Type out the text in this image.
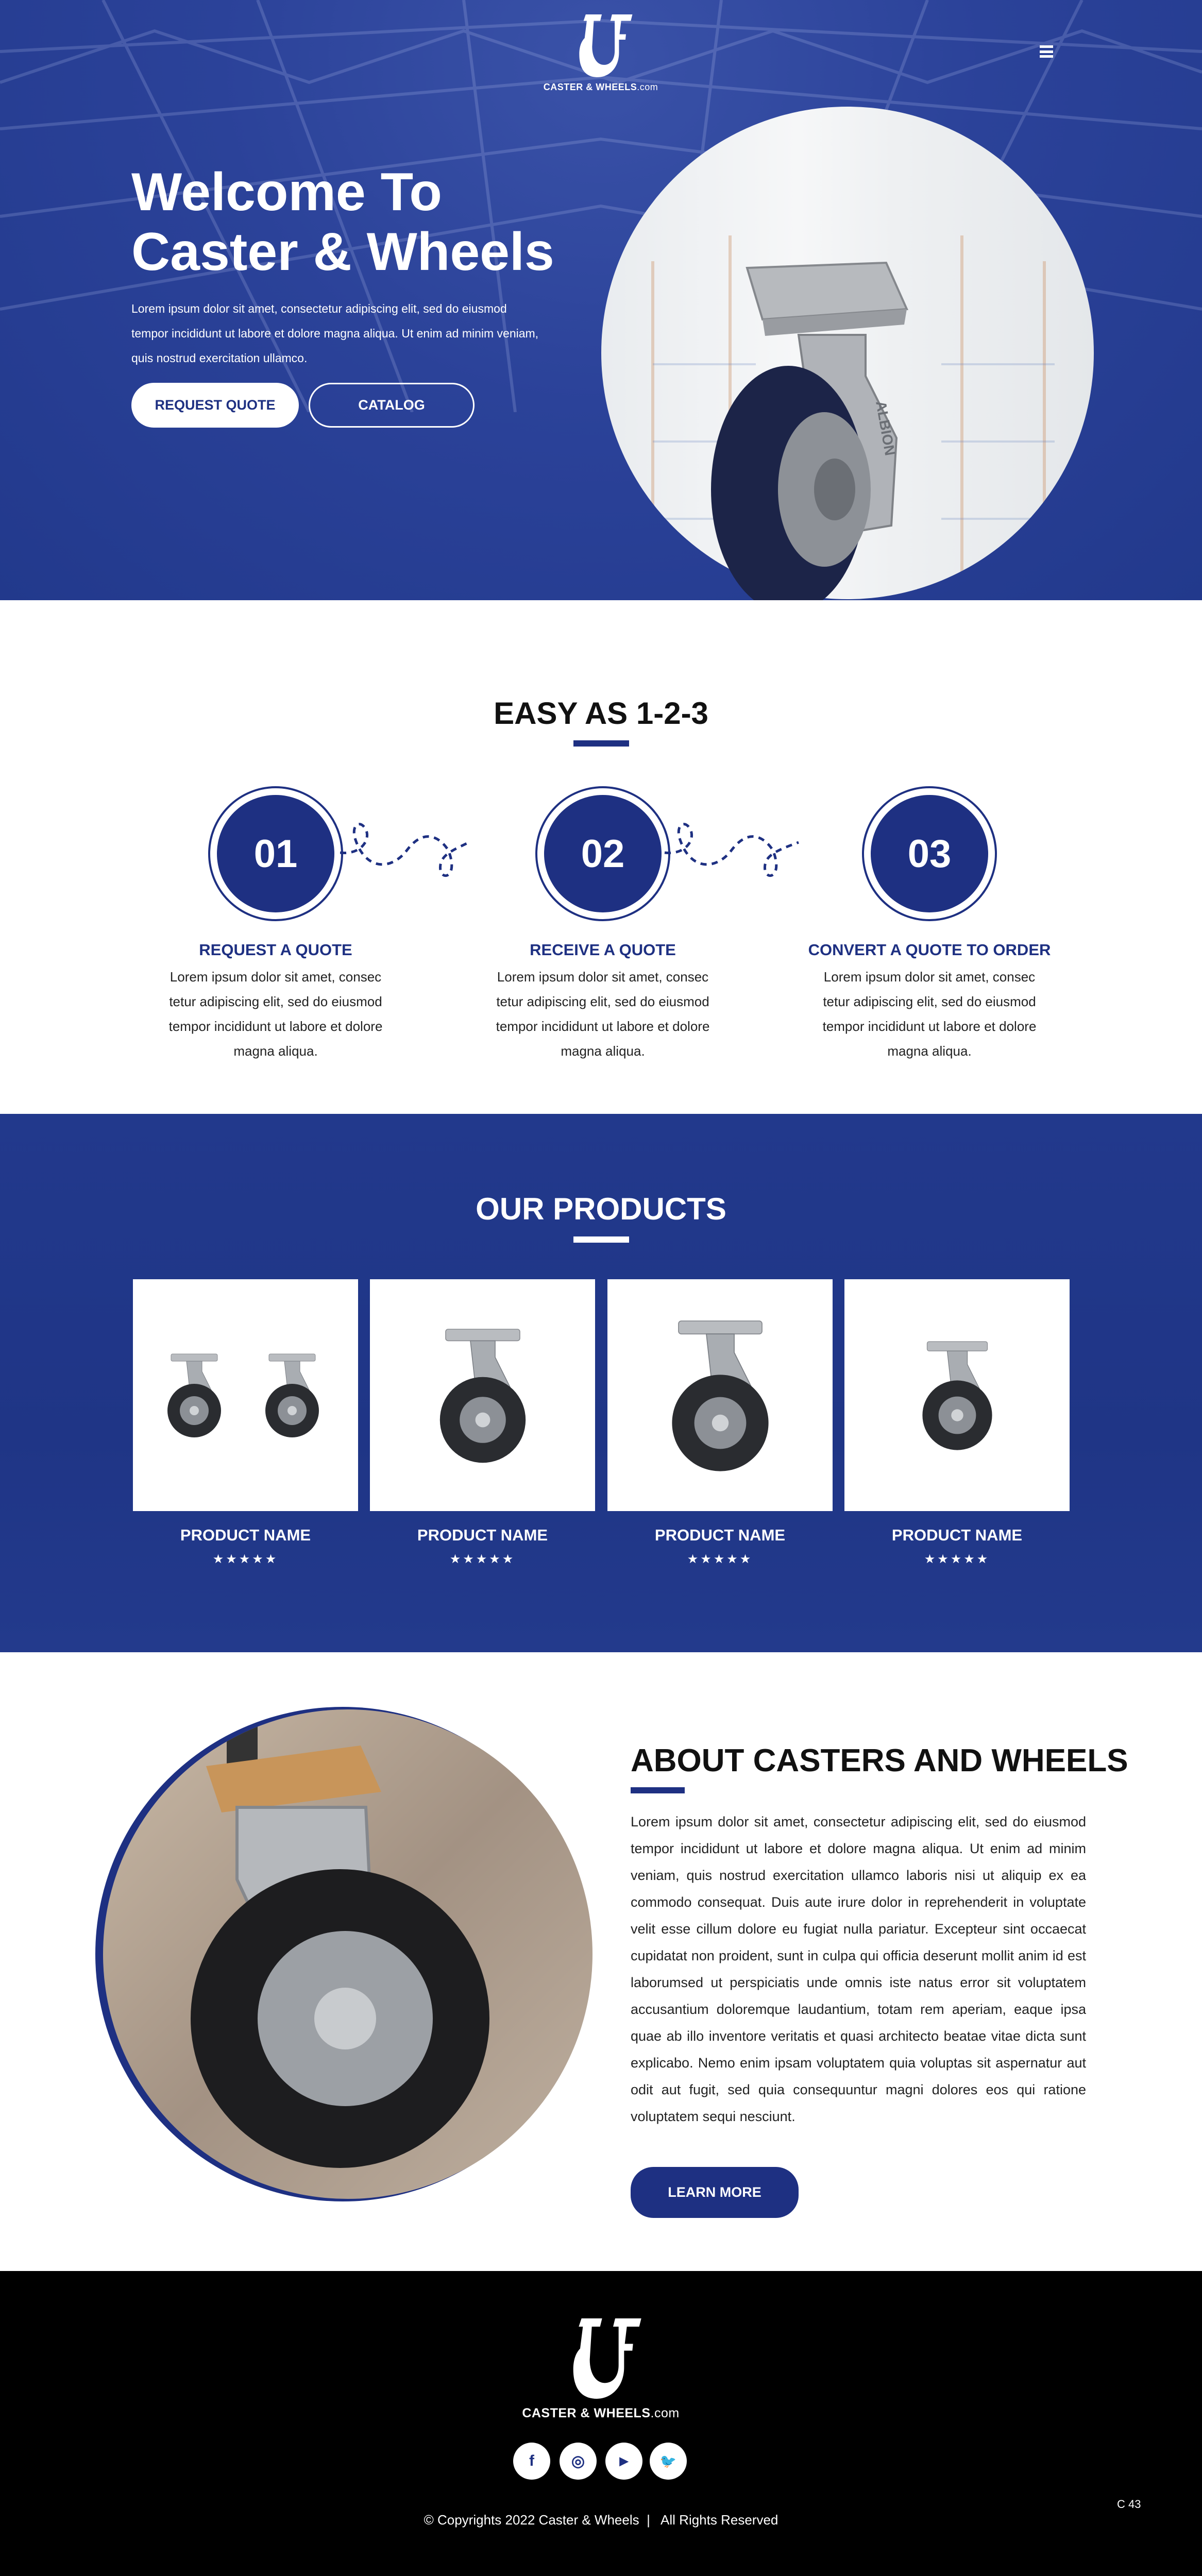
CASTER & WHEELS.com
Welcome To
Caster & Wheels

Lorem ipsum dolor sit amet, consectetur adipiscing elit, sed do eiusmod tempor incididunt ut labore et dolore magna aliqua. Ut enim ad minim veniam, quis nostrud exercitation ullamco.

REQUEST QUOTE	CATALOG	ALBION
EASY AS 1-2-3
01	02	03
REQUEST A QUOTE	RECEIVE A QUOTE	CONVERT A QUOTE TO ORDER

Lorem ipsum dolor sit amet, consec tetur adipiscing elit, sed do eiusmod tempor incididunt ut labore et dolore magna aliqua.

Lorem ipsum dolor sit amet, consec tetur adipiscing elit, sed do eiusmod tempor incididunt ut labore et dolore magna aliqua.

Lorem ipsum dolor sit amet, consec tetur adipiscing elit, sed do eiusmod tempor incididunt ut labore et dolore magna aliqua.

OUR PRODUCTS
PRODUCT NAME	PRODUCT NAME	PRODUCT NAME	PRODUCT NAME
★★★★★	★★★★★	★★★★★	★★★★★
ABOUT CASTERS AND WHEELS

Lorem ipsum dolor sit amet, consectetur adipiscing elit, sed do eiusmod tempor incididunt ut labore et dolore magna aliqua. Ut enim ad minim veniam, quis nostrud exercitation ullamco laboris nisi ut aliquip ex ea commodo consequat. Duis aute irure dolor in reprehenderit in voluptate velit esse cillum dolore eu fugiat nulla pariatur. Excepteur sint occaecat cupidatat non proident, sunt in culpa qui officia deserunt mollit anim id est laborumsed ut perspiciatis unde omnis iste natus error sit voluptatem accusantium doloremque laudantium, totam rem aperiam, eaque ipsa quae ab illo inventore veritatis et quasi architecto beatae vitae dicta sunt explicabo. Nemo enim ipsam voluptatem quia voluptas sit aspernatur aut odit aut fugit, sed quia consequuntur magni dolores eos qui ratione voluptatem sequi nesciunt.

LEARN MORE
CASTER & WHEELS.com
f	◎	▶	🐦
© Copyrights 2022 Caster & Wheels  |   All Rights Reserved
C 43
